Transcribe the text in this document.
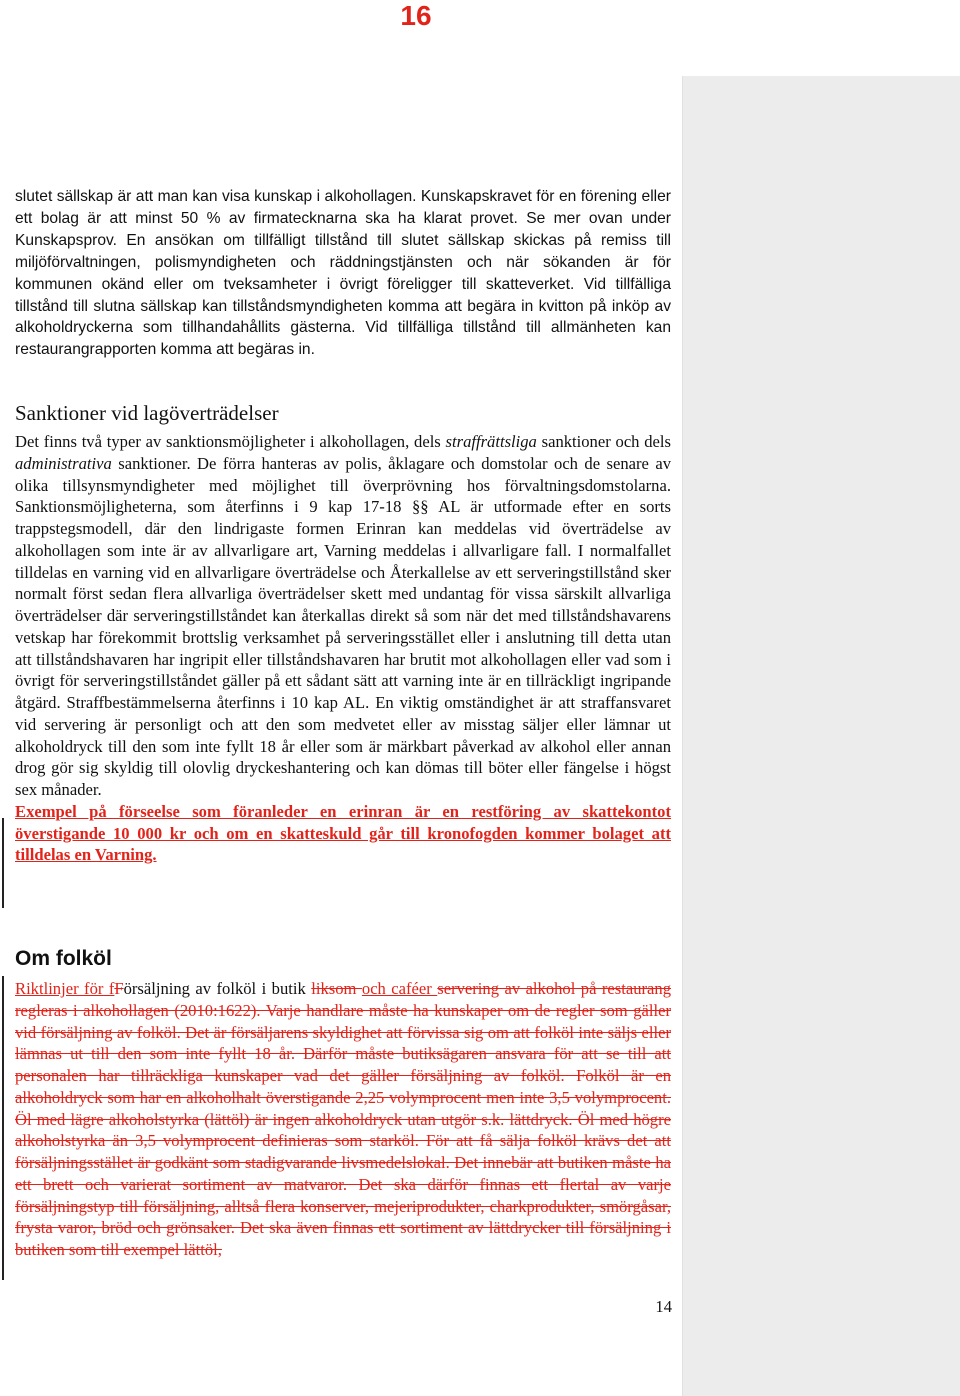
16

slutet sällskap är att man kan visa kunskap i alkohollagen. Kunskapskravet för en förening eller ett bolag är att minst 50 % av firmatecknarna ska ha klarat provet. Se mer ovan under Kunskapsprov. En ansökan om tillfälligt tillstånd till slutet sällskap skickas på remiss till miljöförvaltningen, polismyndigheten och räddningstjänsten och när sökanden är för kommunen okänd eller om tveksamheter i övrigt föreligger till skatteverket. Vid tillfälliga tillstånd till slutna sällskap kan tillståndsmyndigheten komma att begära in kvitton på inköp av alkoholdryckerna som tillhandahållits gästerna. Vid tillfälliga tillstånd till allmänheten kan restaurangrapporten komma att begäras in.

Sanktioner vid lagöverträdelser

Det finns två typer av sanktionsmöjligheter i alkohollagen, dels straffrättsliga sanktioner och dels administrativa sanktioner. De förra hanteras av polis, åklagare och domstolar och de senare av olika tillsynsmyndigheter med möjlighet till överprövning hos förvaltningsdomstolarna. Sanktionsmöjligheterna, som återfinns i 9 kap 17-18 §§ AL är utformade efter en sorts trappstegsmodell, där den lindrigaste formen Erinran kan meddelas vid överträdelse av alkohollagen som inte är av allvarligare art, Varning meddelas i allvarligare fall. I normalfallet tilldelas en varning vid en allvarligare överträdelse och Återkallelse av ett serveringstillstånd sker normalt först sedan flera allvarliga överträdelser skett med undantag för vissa särskilt allvarliga överträdelser där serveringstillståndet kan återkallas direkt så som när det med tillståndshavarens vetskap har förekommit brottslig verksamhet på serveringsstället eller i anslutning till detta utan att tillståndshavaren har ingripit eller tillståndshavaren har brutit mot alkohollagen eller vad som i övrigt för serveringstillståndet gäller på ett sådant sätt att varning inte är en tillräckligt ingripande åtgärd. Straffbestämmelserna återfinns i 10 kap AL. En viktig omständighet är att straffansvaret vid servering är personligt och att den som medvetet eller av misstag säljer eller lämnar ut alkoholdryck till den som inte fyllt 18 år eller som är märkbart påverkad av alkohol eller annan drog gör sig skyldig till olovlig dryckeshantering och kan dömas till böter eller fängelse i högst sex månader.

Exempel på förseelse som föranleder en erinran är en restföring av skattekontot överstigande 10 000 kr och om en skatteskuld går till kronofogden kommer bolaget att tilldelas en Varning.

Om folköl

Riktlinjer för fFörsäljning av folköl i butik liksom och caféer servering av alkohol på restaurang regleras i alkohollagen (2010:1622). Varje handlare måste ha kunskaper om de regler som gäller vid försäljning av folköl. Det är försäljarens skyldighet att förvissa sig om att folköl inte säljs eller lämnas ut till den som inte fyllt 18 år. Därför måste butiksägaren ansvara för att se till att personalen har tillräckliga kunskaper vad det gäller försäljning av folköl. Folköl är en alkoholdryck som har en alkoholhalt överstigande 2,25 volymprocent men inte 3,5 volymprocent. Öl med lägre alkoholstyrka (lättöl) är ingen alkoholdryck utan utgör s.k. lättdryck. Öl med högre alkoholstyrka än 3,5 volymprocent definieras som starköl. För att få sälja folköl krävs det att försäljningsstället är godkänt som stadigvarande livsmedelslokal. Det innebär att butiken måste ha ett brett och varierat sortiment av matvaror. Det ska därför finnas ett flertal av varje försäljningstyp till försäljning, alltså flera konserver, mejeriprodukter, charkprodukter, smörgåsar, frysta varor, bröd och grönsaker. Det ska även finnas ett sortiment av lättdrycker till försäljning i butiken som till exempel lättöl,

14
